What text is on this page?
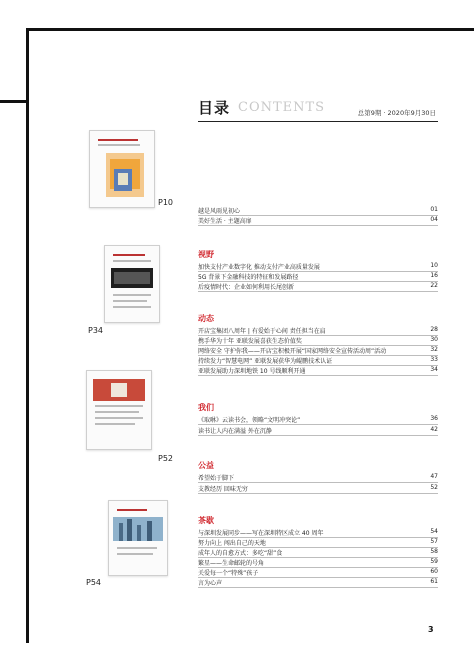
目录 CONTENTS	总第9期 · 2020年9月30日
P10
P34
P52
P54
越是风雨见初心	01
美好生活 · 主题高扉	04
视野
加快支付产业数字化 推动支付产业高质量发展	10
5G 背景下金融科技的特征和发展路径	16
后疫情时代：企业如何利用长尾创新	22
动态
开店宝集团八周年 | 有爱始于心间 责任担当在肩	28
携手华为十年 亚联发展喜获生态价值奖	30
网络安全 守护你我——开店宝积极开展“国家网络安全宣传活动周”活动	32
持续发力“智慧电网” 亚联发展获华为鲲鹏技术认证	33
亚联发展助力深圳地铁 10 号线顺利开通	34
我们
《取咻》云读书会，领略“文明冲突论”	36
读书让人内在满溢 外在沉静	42
公益
希望始于脚下	47
支教经历 回味无穷	52
茶歇
与深圳发展同步——写在深圳特区成立 40 周年	54
努力向上 闯出自己的天地	57
成年人的自愈方式：多吃“甜”食	58
繁星——生命邮轮的号角	59
关爱每一个“特殊”孩子	60
言为心声	61
3
